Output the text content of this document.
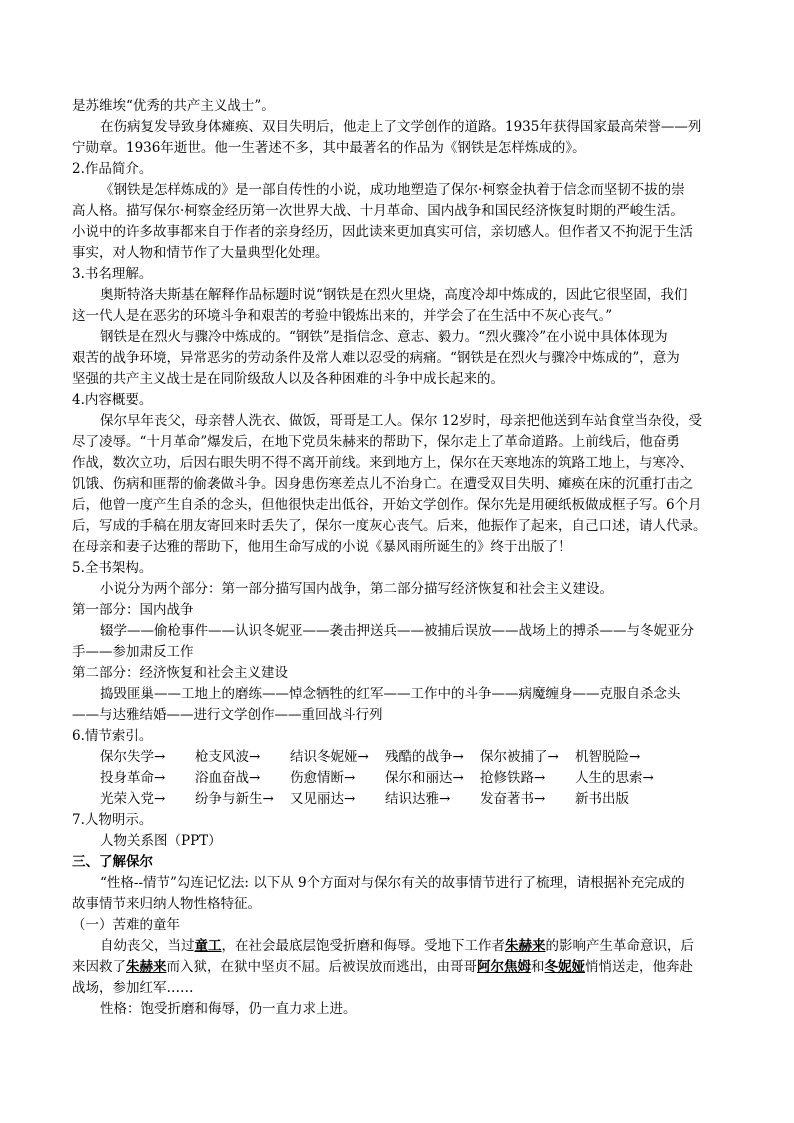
是苏维埃“优秀的共产主义战士”。
在伤病复发导致身体瘫痪、双目失明后，他走上了文学创作的道路。1935年获得国家最高荣誉——列
宁勋章。1936年逝世。他一生著述不多，其中最著名的作品为《钢铁是怎样炼成的》。
2.作品简介。
《钢铁是怎样炼成的》是一部自传性的小说，成功地塑造了保尔·柯察金执着于信念而坚韧不拔的崇
高人格。描写保尔·柯察金经历第一次世界大战、十月革命、国内战争和国民经济恢复时期的严峻生活。
小说中的许多故事都来自于作者的亲身经历，因此读来更加真实可信，亲切感人。但作者又不拘泥于生活
事实，对人物和情节作了大量典型化处理。
3.书名理解。
奥斯特洛夫斯基在解释作品标题时说“钢铁是在烈火里烧，高度冷却中炼成的，因此它很坚固，我们
这一代人是在恶劣的环境斗争和艰苦的考验中锻炼出来的，并学会了在生活中不灰心丧气。”
钢铁是在烈火与骤冷中炼成的。“钢铁”是指信念、意志、毅力。“烈火骤冷”在小说中具体体现为
艰苦的战争环境，异常恶劣的劳动条件及常人难以忍受的病痛。“钢铁是在烈火与骤冷中炼成的”，意为
坚强的共产主义战士是在同阶级敌人以及各种困难的斗争中成长起来的。
4.内容概要。
保尔早年丧父，母亲替人洗衣、做饭，哥哥是工人。保尔 12岁时，母亲把他送到车站食堂当杂役，受
尽了凌辱。“十月革命”爆发后，在地下党员朱赫来的帮助下，保尔走上了革命道路。上前线后，他奋勇
作战，数次立功，后因右眼失明不得不离开前线。来到地方上，保尔在天寒地冻的筑路工地上，与寒冷、
饥饿、伤病和匪帮的偷袭做斗争。因身患伤寒差点儿不治身亡。在遭受双目失明、瘫痪在床的沉重打击之
后，他曾一度产生自杀的念头，但他很快走出低谷，开始文学创作。保尔先是用硬纸板做成框子写。6个月
后，写成的手稿在朋友寄回来时丢失了，保尔一度灰心丧气。后来，他振作了起来，自己口述，请人代录。
在母亲和妻子达雅的帮助下，他用生命写成的小说《暴风雨所诞生的》终于出版了！
5.全书架构。
小说分为两个部分：第一部分描写国内战争，第二部分描写经济恢复和社会主义建设。
第一部分：国内战争
辍学——偷枪事件——认识冬妮亚——袭击押送兵——被捕后误放——战场上的搏杀——与冬妮亚分
手——参加肃反工作
第二部分：经济恢复和社会主义建设
捣毁匪巢——工地上的磨练——悼念牺牲的红军——工作中的斗争——病魔缠身——克服自杀念头
——与达雅结婚——进行文学创作——重回战斗行列
6.情节索引。
保尔失学→	枪支风波→	结识冬妮娅→	残酷的战争→	保尔被捕了→	机智脱险→
投身革命→	浴血奋战→	伤愈情断→	保尔和丽达→	抢修铁路→	人生的思索→
光荣入党→	纷争与新生→	又见丽达→	结识达雅→	发奋著书→	新书出版
7.人物明示。
人物关系图（PPT）
三、了解保尔
“性格--情节”勾连记忆法: 以下从 9个方面对与保尔有关的故事情节进行了梳理，请根据补充完成的
故事情节来归纳人物性格特征。
（一）苦难的童年
自幼丧父，当过童工，在社会最底层饱受折磨和侮辱。受地下工作者朱赫来的影响产生革命意识，后
来因救了朱赫来而入狱，在狱中坚贞不屈。后被误放而逃出，由哥哥阿尔焦姆和冬妮娅悄悄送走，他奔赴
战场，参加红军……
性格：饱受折磨和侮辱，仍一直力求上进。
